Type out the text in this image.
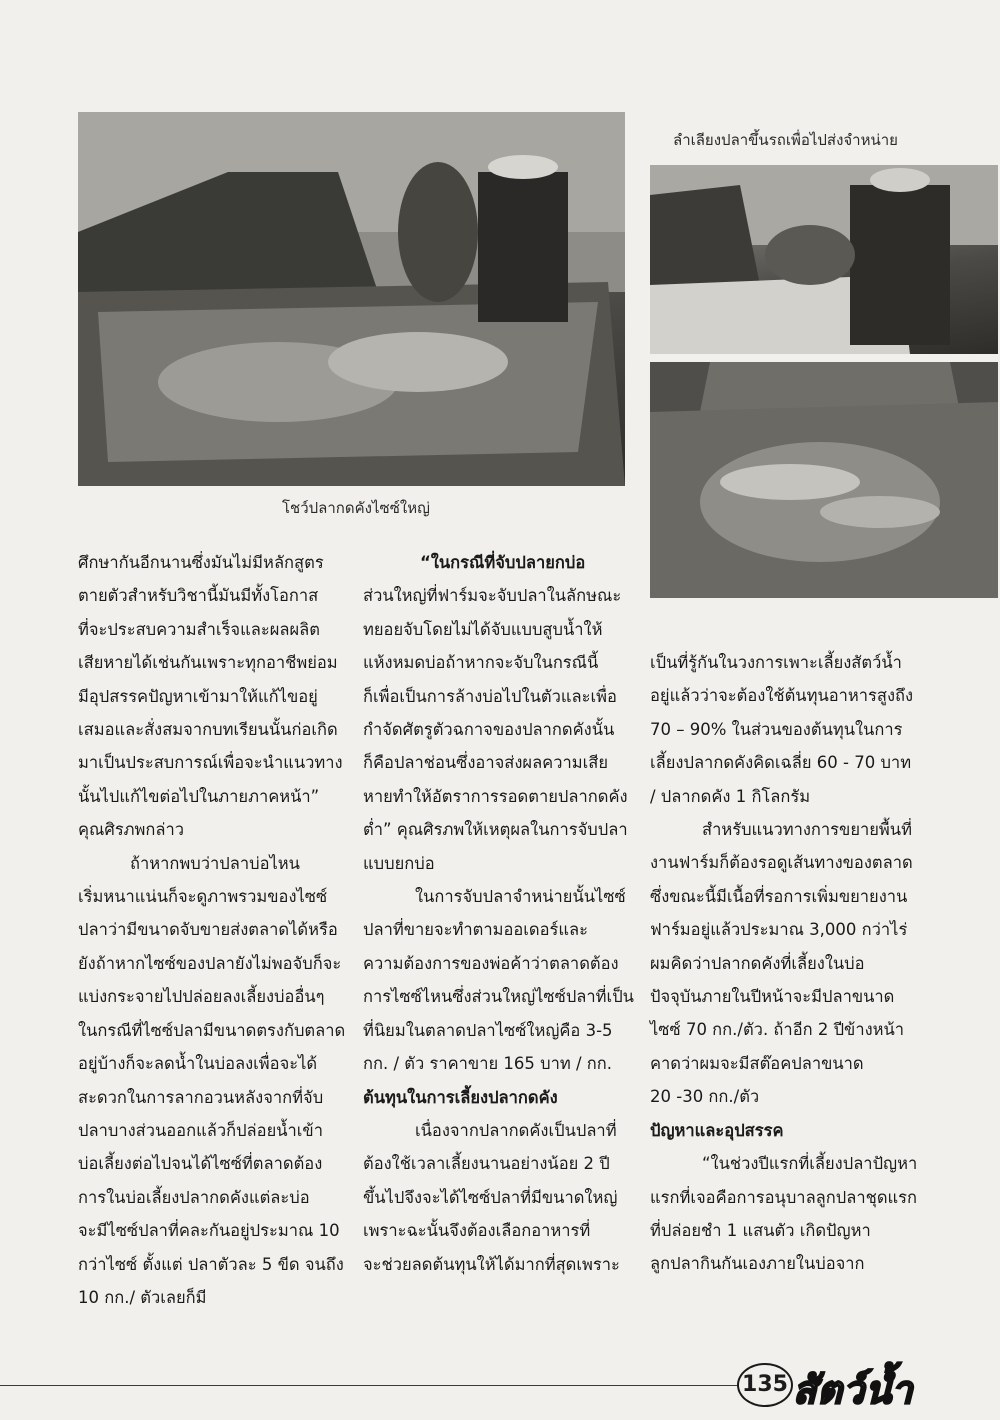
โชว์ปลากดคังไซซ์ใหญ่
ลำเลียงปลาขึ้นรถเพื่อไปส่งจำหน่าย

ศึกษากันอีกนานซึ่งมันไม่มีหลักสูตร

ตายตัวสำหรับวิชานี้มันมีทั้งโอกาส

ที่จะประสบความสำเร็จและผลผลิต

เสียหายได้เช่นกันเพราะทุกอาชีพย่อม

มีอุปสรรคปัญหาเข้ามาให้แก้ไขอยู่

เสมอและสั่งสมจากบทเรียนนั้นก่อเกิด

มาเป็นประสบการณ์เพื่อจะนำแนวทาง

นั้นไปแก้ไขต่อไปในภายภาคหน้า”

คุณศิรภพกล่าว

ถ้าหากพบว่าปลาบ่อไหน

เริ่มหนาแน่นก็จะดูภาพรวมของไซซ์

ปลาว่ามีขนาดจับขายส่งตลาดได้หรือ

ยังถ้าหากไซซ์ของปลายังไม่พอจับก็จะ

แบ่งกระจายไปปล่อยลงเลี้ยงบ่ออื่นๆ

ในกรณีที่ไซซ์ปลามีขนาดตรงกับตลาด

อยู่บ้างก็จะลดน้ำในบ่อลงเพื่อจะได้

สะดวกในการลากอวนหลังจากที่จับ

ปลาบางส่วนออกแล้วก็ปล่อยน้ำเข้า

บ่อเลี้ยงต่อไปจนได้ไซซ์ที่ตลาดต้อง

การในบ่อเลี้ยงปลากดคังแต่ละบ่อ

จะมีไซซ์ปลาที่คละกันอยู่ประมาณ 10

กว่าไซซ์ ตั้งแต่ ปลาตัวละ 5 ขีด จนถึง

10 กก./ ตัวเลยก็มี

“ในกรณีที่จับปลายกบ่อ

ส่วนใหญ่ที่ฟาร์มจะจับปลาในลักษณะ

ทยอยจับโดยไม่ได้จับแบบสูบน้ำให้

แห้งหมดบ่อถ้าหากจะจับในกรณีนี้

ก็เพื่อเป็นการล้างบ่อไปในตัวและเพื่อ

กำจัดศัตรูตัวฉกาจของปลากดคังนั้น

ก็คือปลาช่อนซึ่งอาจส่งผลความเสีย

หายทำให้อัตราการรอดตายปลากดคัง

ต่ำ” คุณศิรภพให้เหตุผลในการจับปลา

แบบยกบ่อ

ในการจับปลาจำหน่ายนั้นไซซ์

ปลาที่ขายจะทำตามออเดอร์และ

ความต้องการของพ่อค้าว่าตลาดต้อง

การไซซ์ไหนซึ่งส่วนใหญ่ไซซ์ปลาที่เป็น

ที่นิยมในตลาดปลาไซซ์ใหญ่คือ 3-5

กก. / ตัว ราคาขาย 165 บาท / กก.

ต้นทุนในการเลี้ยงปลากดคัง

เนื่องจากปลากดคังเป็นปลาที่

ต้องใช้เวลาเลี้ยงนานอย่างน้อย 2 ปี

ขึ้นไปจึงจะได้ไซซ์ปลาที่มีขนาดใหญ่

เพราะฉะนั้นจึงต้องเลือกอาหารที่

จะช่วยลดต้นทุนให้ได้มากที่สุดเพราะ

เป็นที่รู้กันในวงการเพาะเลี้ยงสัตว์น้ำ

อยู่แล้วว่าจะต้องใช้ต้นทุนอาหารสูงถึง

70 – 90% ในส่วนของต้นทุนในการ

เลี้ยงปลากดคังคิดเฉลี่ย 60 - 70 บาท

/ ปลากดคัง 1 กิโลกรัม

สำหรับแนวทางการขยายพื้นที่

งานฟาร์มก็ต้องรอดูเส้นทางของตลาด

ซึ่งขณะนี้มีเนื้อที่รอการเพิ่มขยายงาน

ฟาร์มอยู่แล้วประมาณ 3,000 กว่าไร่

ผมคิดว่าปลากดคังที่เลี้ยงในบ่อ

ปัจจุบันภายในปีหน้าจะมีปลาขนาด

ไซซ์ 70 กก./ตัว. ถ้าอีก 2 ปีข้างหน้า

คาดว่าผมจะมีสต๊อคปลาขนาด

20 -30 กก./ตัว

ปัญหาและอุปสรรค

“ในช่วงปีแรกที่เลี้ยงปลาปัญหา

แรกที่เจอคือการอนุบาลลูกปลาชุดแรก

ที่ปล่อยชำ 1 แสนตัว เกิดปัญหา

ลูกปลากินกันเองภายในบ่อจาก

135 สัตว์น้ำ
